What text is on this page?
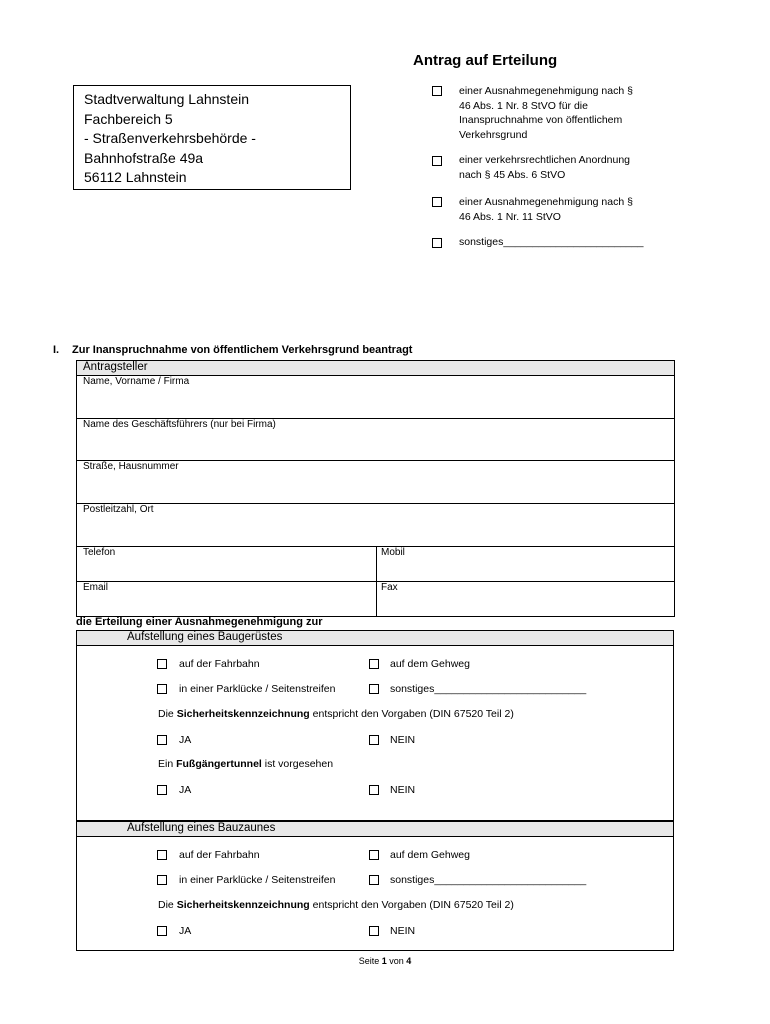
Antrag auf Erteilung
Stadtverwaltung Lahnstein
Fachbereich 5
- Straßenverkehrsbehörde -
Bahnhofstraße 49a
56112 Lahnstein
einer Ausnahmegenehmigung nach §
46 Abs. 1 Nr. 8 StVO für die
Inanspruchnahme von öffentlichem
Verkehrsgrund
einer verkehrsrechtlichen Anordnung
nach § 45 Abs. 6 StVO
einer Ausnahmegenehmigung nach §
46 Abs. 1 Nr. 11 StVO
sonstiges________________________
I. Zur Inanspruchnahme von öffentlichem Verkehrsgrund beantragt
Antragsteller	
Name, Vorname / Firma	
Name des Geschäftsführers (nur bei Firma)	
Straße, Hausnummer	
Postleitzahl, Ort	
Telefon	Mobil
Email	Fax
die Erteilung einer Ausnahmegenehmigung zur
Aufstellung eines Baugerüstes
auf der Fahrbahn	auf dem Gehweg
in einer Parklücke / Seitenstreifen	sonstiges__________________________
Die Sicherheitskennzeichnung entspricht den Vorgaben (DIN 67520 Teil 2)
JA	NEIN
Ein Fußgängertunnel ist vorgesehen
JA	NEIN
Aufstellung eines Bauzaunes
auf der Fahrbahn	auf dem Gehweg
in einer Parklücke / Seitenstreifen	sonstiges__________________________
Die Sicherheitskennzeichnung entspricht den Vorgaben (DIN 67520 Teil 2)
JA	NEIN
Seite 1 von 4
